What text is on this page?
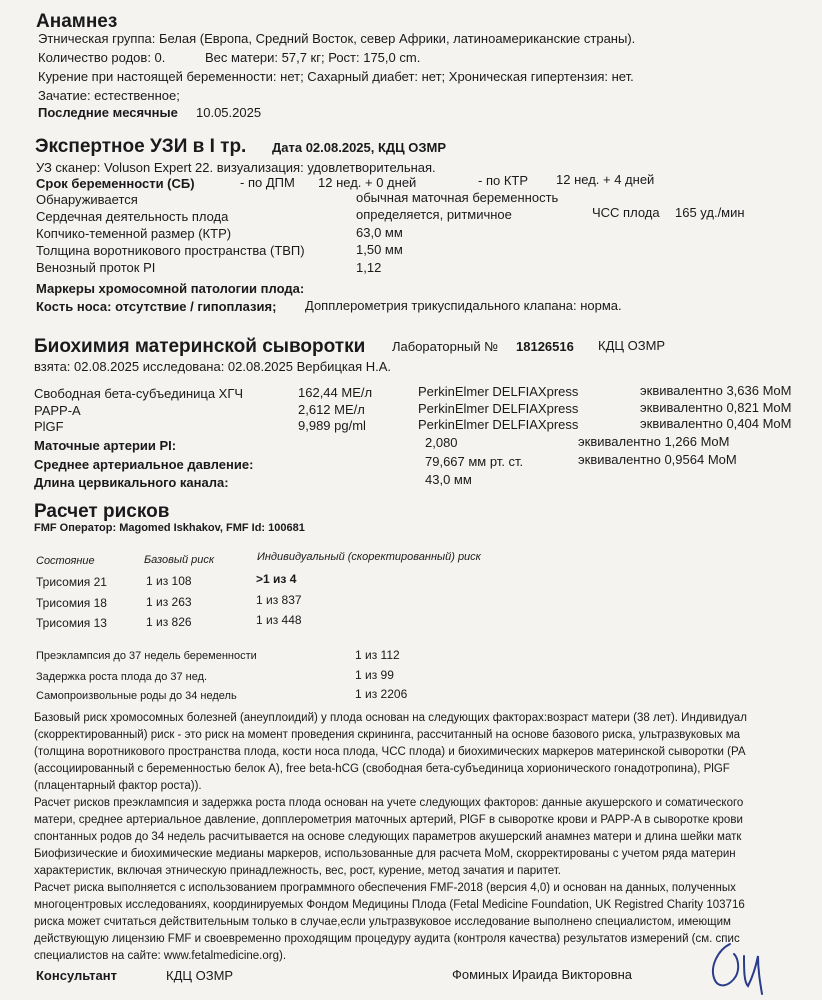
Анамнез
Этническая группа: Белая (Европа, Средний Восток, север Африки, латиноамериканские страны).
Количество родов: 0.	Вес матери: 57,7 кг; Рост: 175,0 cm.
Курение при настоящей беременности: нет; Сахарный диабет: нет; Хроническая гипертензия: нет.
Зачатие: естественное;
Последние месячные 10.05.2025
Экспертное УЗИ в I тр. Дата 02.08.2025, КДЦ ОЗМР
УЗ сканер: Voluson Expert 22. визуализация: удовлетворительная.
Срок беременности (СБ)	- по ДПМ 12 нед. + 0 дней	- по КТР 12 нед. + 4 дней
Обнаруживается	обычная маточная беременность
Сердечная деятельность плода	определяется, ритмичное	ЧСС плода 165 уд./мин
Копчико-теменной размер (КТР)	63,0 мм
Толщина воротникового пространства (ТВП)	1,50 мм
Венозный проток PI	1,12
Маркеры хромосомной патологии плода:
Кость носа: отсутствие / гипоплазия; Допплерометрия трикуспидального клапана: норма.
Биохимия материнской сыворотки Лабораторный № 18126516 КДЦ ОЗМР
взята: 02.08.2025 исследована: 02.08.2025 Вербицкая Н.А.
Свободная бета-субъединица ХГЧ	162,44 МЕ/л	PerkinElmer DELFIAXpress	эквивалентно 3,636 MoM
PAPP-A	2,612 МЕ/л	PerkinElmer DELFIAXpress	эквивалентно 0,821 MoM
PlGF	9,989 pg/ml	PerkinElmer DELFIAXpress	эквивалентно 0,404 MoM
Маточные артерии PI:	2,080	эквивалентно 1,266 MoM
Среднее артериальное давление:	79,667 мм рт. ст.	эквивалентно 0,9564 MoM
Длина цервикального канала:	43,0 мм
Расчет рисков
FMF Оператор: Magomed Iskhakov, FMF Id: 100681
Состояние	Базовый риск	Индивидуальный (скоректированный) риск
Трисомия 21	1 из 108	>1 из 4
Трисомия 18	1 из 263	1 из 837
Трисомия 13	1 из 826	1 из 448
Преэклампсия до 37 недель беременности	1 из 112
Задержка роста плода до 37 нед.	1 из 99
Самопроизвольные роды до 34 недель	1 из 2206
Базовый риск хромосомных болезней (анеуплоидий) у плода основан на следующих факторах:возраст матери (38 лет). Индивидуал
(скорректированный) риск - это риск на момент проведения скрининга, рассчитанный на основе базового риска, ультразвуковых ма
(толщина воротникового пространства плода, кости носа плода, ЧСС плода) и биохимических маркеров материнской сыворотки (РА
(ассоциированный с беременностью белок А), free beta-hCG (свободная бета-субъединица хорионического гонадотропина), PlGF
(плацентарный фактор роста)).
Расчет рисков преэклампсия и задержка роста плода основан на учете следующих факторов: данные акушерского и соматического
матери, среднее артериальное давление, допплерометрия маточных артерий, PlGF в сыворотке крови и PAPP-A в сыворотке крови
спонтанных родов до 34 недель расчитывается на основе следующих параметров акушерский анамнез матери и длина шейки матк
Биофизические и биохимические медианы маркеров, использованные для расчета МоМ, скорректированы с учетом ряда материн
характеристик, включая этническую принадлежность, вес, рост, курение, метод зачатия и паритет.
Расчет риска выполняется с использованием программного обеспечения FMF-2018 (версия 4,0) и основан на данных, полученных
многоцентровых исследованиях, координируемых Фондом Медицины Плода (Fetal Medicine Foundation, UK Registred Charity 103716
риска может считаться действительным только в случае,если ультразвуковое исследование выполнено специалистом, имеющим
действующую лицензию FMF и своевременно проходящим процедуру аудита (контроля качества) результатов измерений (см. спис
специалистов на сайте: www.fetalmedicine.org).
Консультант	КДЦ ОЗМР	Фоминых Ираида Викторовна
